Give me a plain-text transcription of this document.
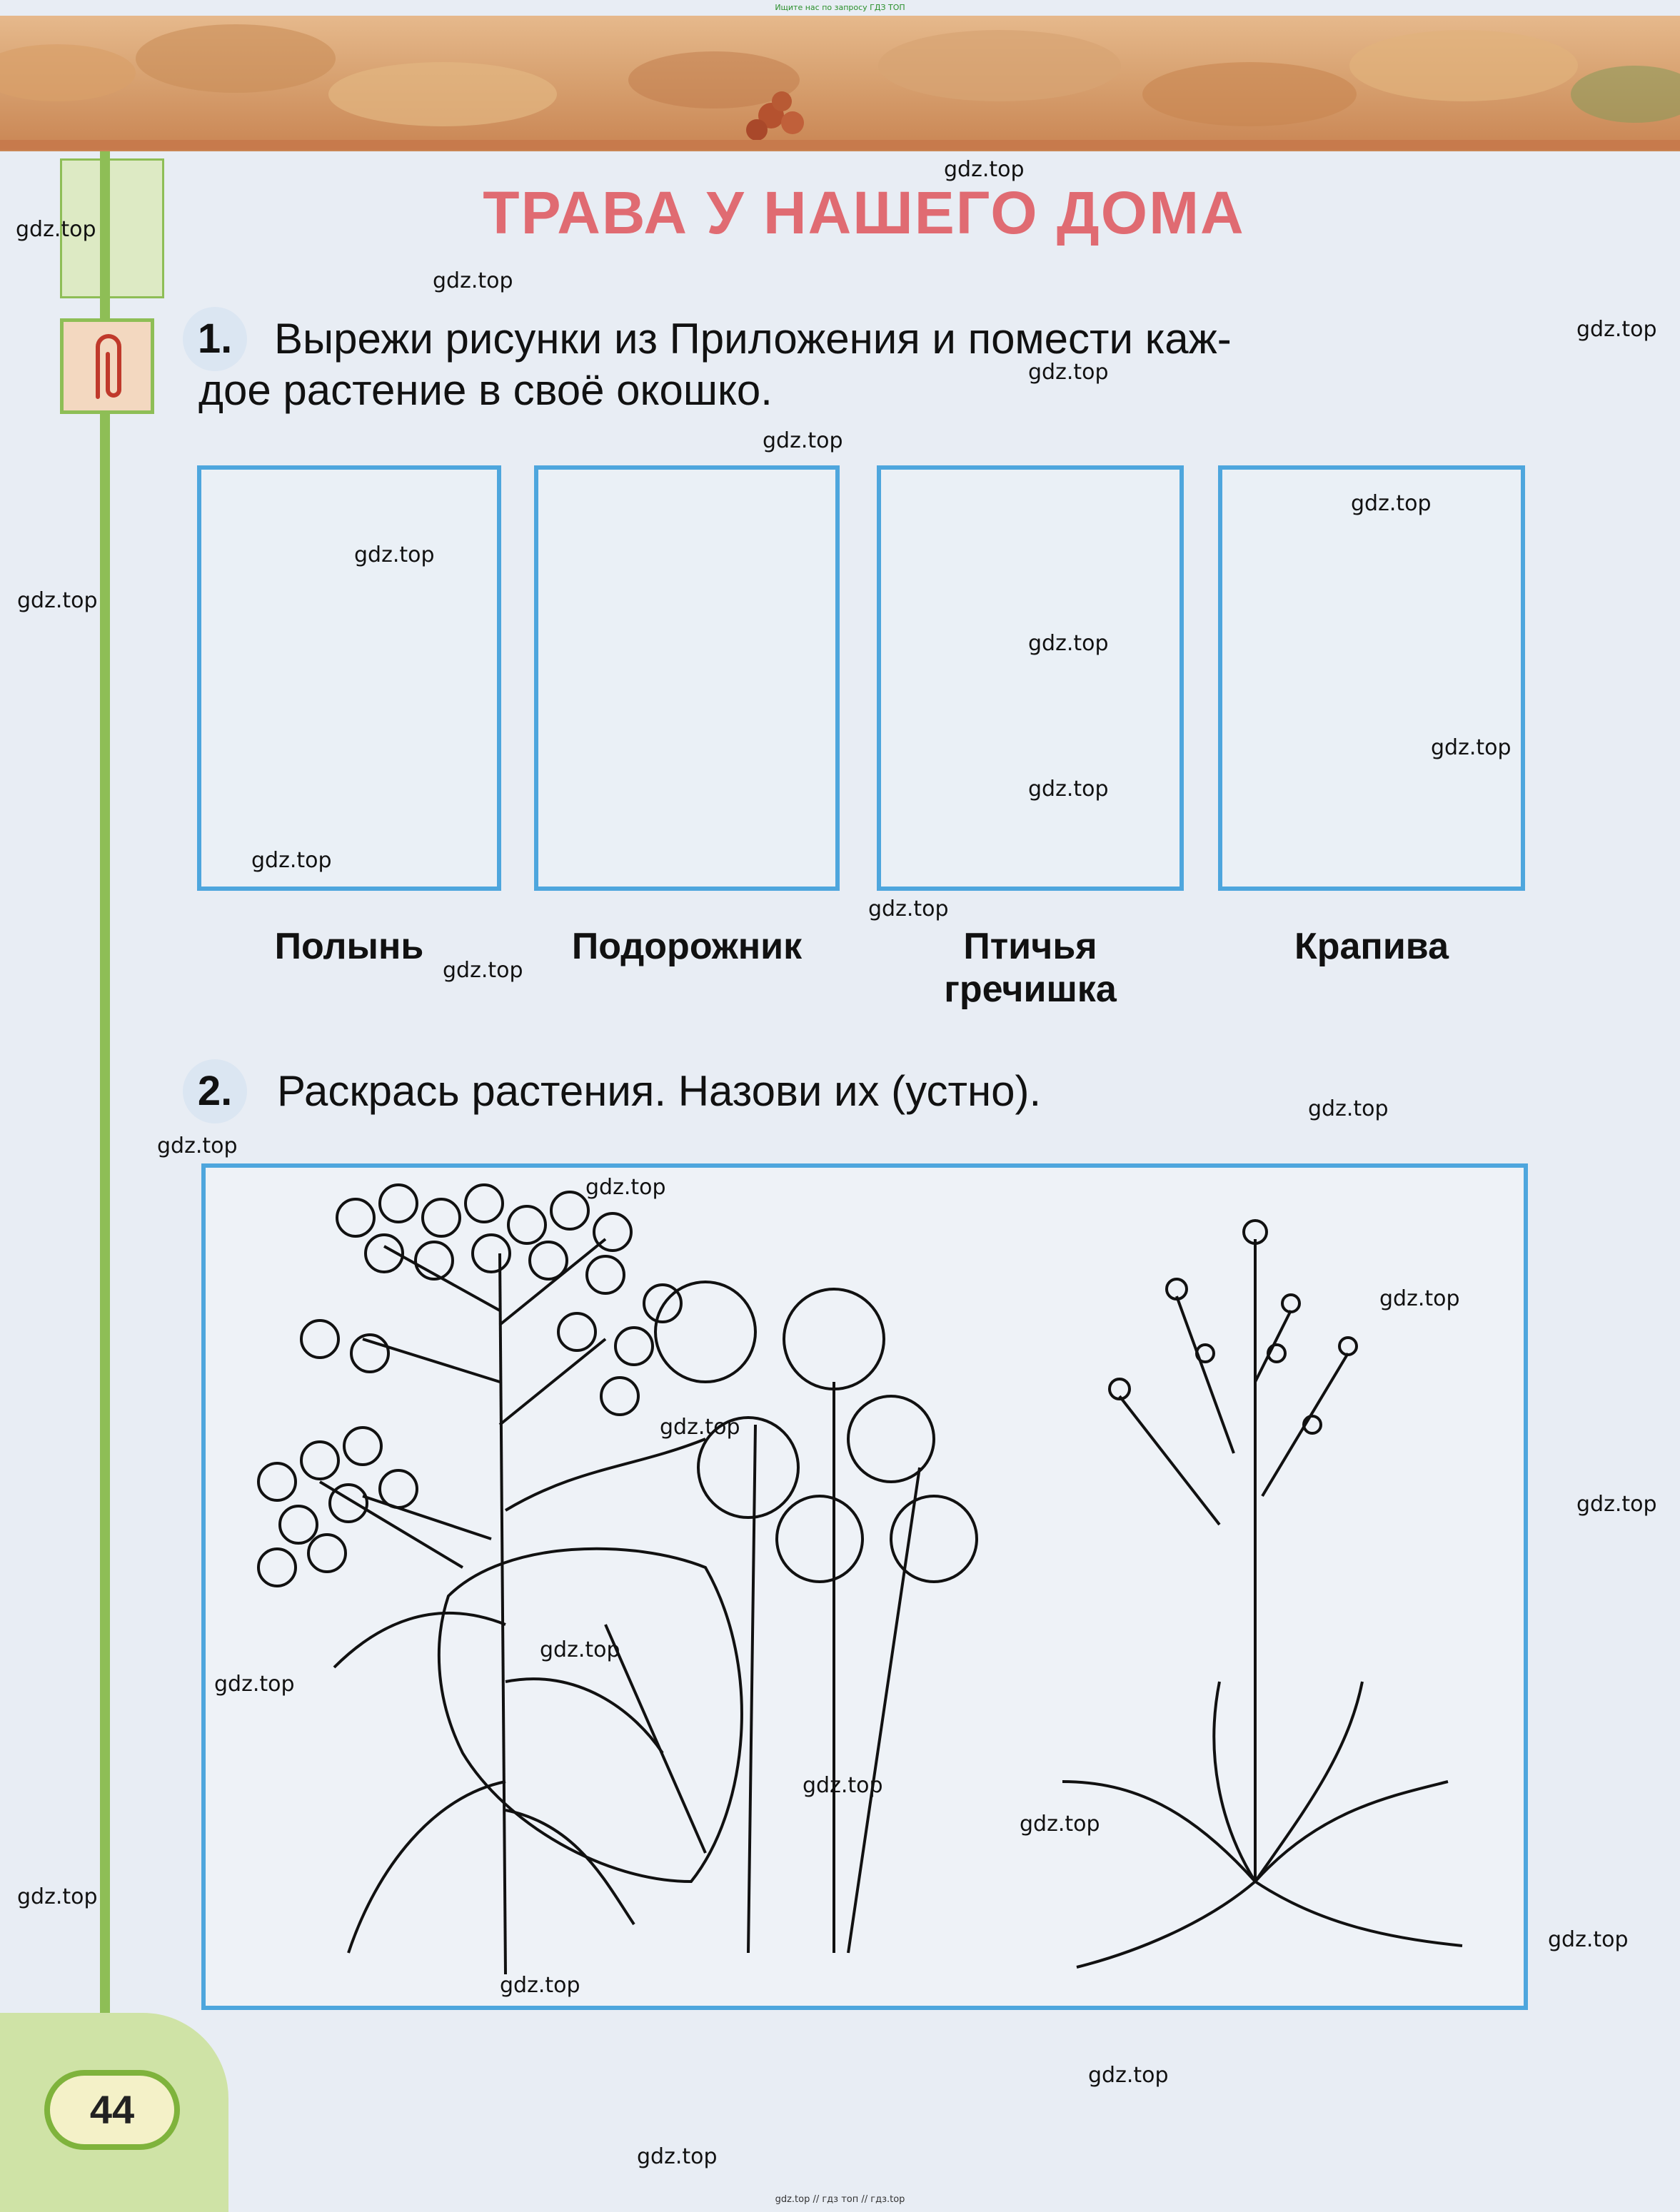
Ищите нас по запросу ГДЗ ТОП
ТРАВА У НАШЕГО ДОМА
1. Вырежи рисунки из Приложения и помести каж-
дое растение в своё окошко.
Полынь	Подорожник	Птичья
гречишка
Крапива
2.	Раскрась растения. Назови их (устно).
44
gdz.top
gdz.top
gdz.top
gdz.top
gdz.top
gdz.top
gdz.top
gdz.top
gdz.top
gdz.top
gdz.top
gdz.top
gdz.top
gdz.top
gdz.top
gdz.top
gdz.top
gdz.top
gdz.top
gdz.top
gdz.top
gdz.top
gdz.top
gdz.top
gdz.top
gdz.top
gdz.top
gdz.top
gdz.top
gdz.top
gdz.top // гдз топ // гдз.top
